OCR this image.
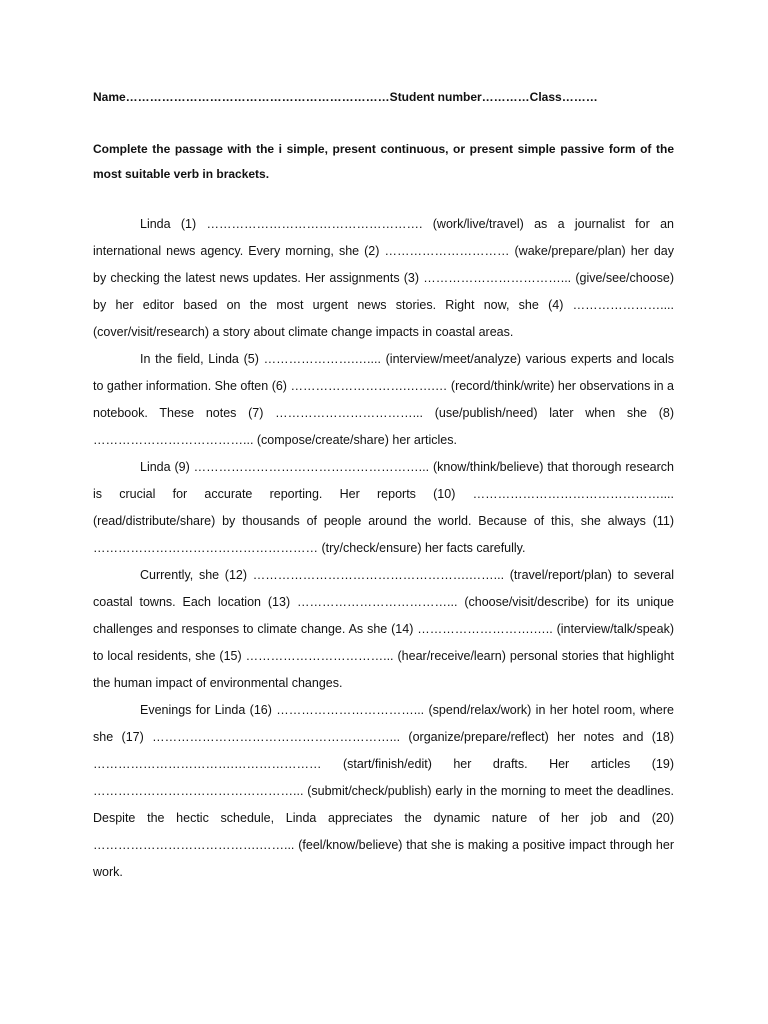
Name…………………………………………………………Student number…………Class………
Complete the passage with the i simple, present continuous, or present simple passive form of the most suitable verb in brackets.

Linda (1) ……………………………………………. (work/live/travel) as a journalist for an international news agency. Every morning, she (2) ………………………… (wake/prepare/plan) her day by checking the latest news updates. Her assignments (3) ……………………………... (give/see/choose) by her editor based on the most urgent news stories. Right now, she (4) ………………….... (cover/visit/research) a story about climate change impacts in coastal areas.

In the field, Linda (5) ………………….….... (interview/meet/analyze) various experts and locals to gather information. She often (6) ……………………….…….… (record/think/write) her observations in a notebook. These notes (7) ……………………………... (use/publish/need) later when she (8) ………………………………... (compose/create/share) her articles.

Linda (9) ………………………………………………... (know/think/believe) that thorough research is crucial for accurate reporting. Her reports (10) ……………………………………….... (read/distribute/share) by thousands of people around the world. Because of this, she always (11) ……………………………………………… (try/check/ensure) her facts carefully.

Currently, she (12) …………………………………………….……... (travel/report/plan) to several coastal towns. Each location (13) ………………………………... (choose/visit/describe) for its unique challenges and responses to climate change. As she (14) ……………………….….. (interview/talk/speak) to local residents, she (15) ……………………………... (hear/receive/learn) personal stories that highlight the human impact of environmental changes.

Evenings for Linda (16) ……………………………... (spend/relax/work) in her hotel room, where she (17) …………………………………………………... (organize/prepare/reflect) her notes and (18) …………………………….………………… (start/finish/edit) her drafts. Her articles (19) …………………………………………... (submit/check/publish) early in the morning to meet the deadlines. Despite the hectic schedule, Linda appreciates the dynamic nature of her job and (20) ………………………………….……... (feel/know/believe) that she is making a positive impact through her work.
